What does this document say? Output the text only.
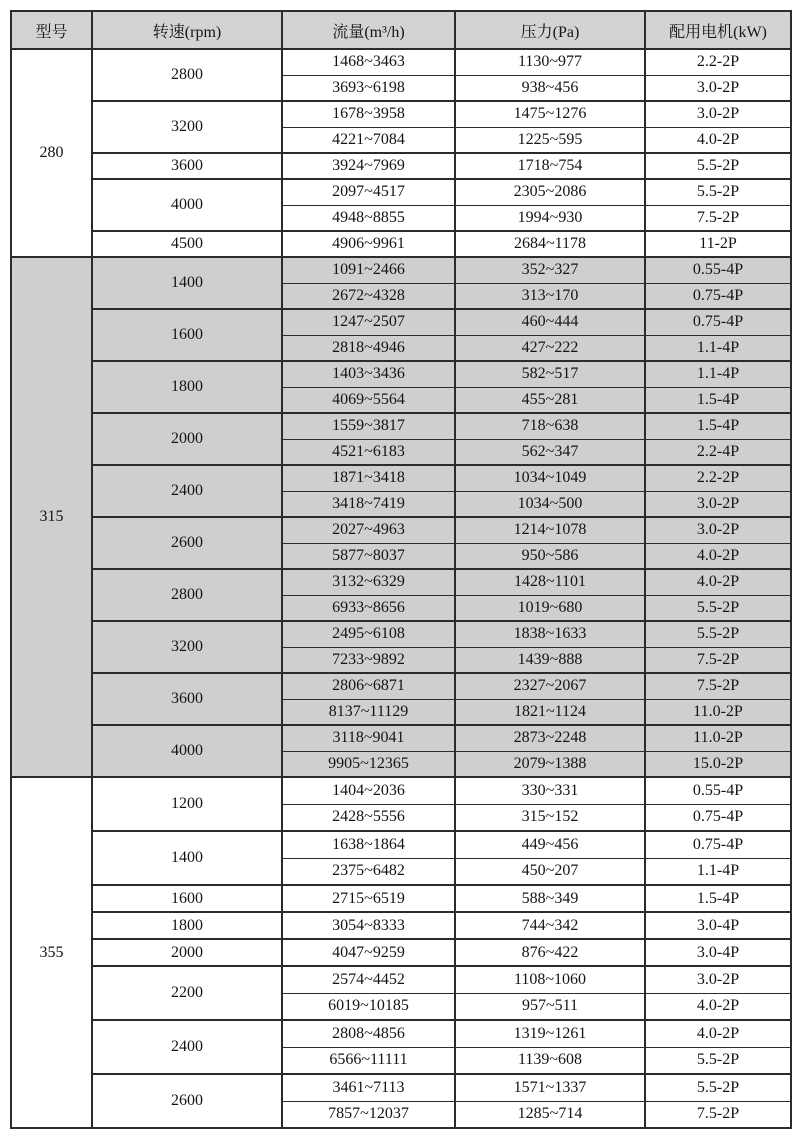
型号	转速(rpm)	流量(m³/h)	压力(Pa)	配用电机(kW)
280	2800	1468~3463	1130~977	2.2-2P
		3693~6198	938~456	3.0-2P
	3200	1678~3958	1475~1276	3.0-2P
		4221~7084	1225~595	4.0-2P
	3600	3924~7969	1718~754	5.5-2P
	4000	2097~4517	2305~2086	5.5-2P
		4948~8855	1994~930	7.5-2P
	4500	4906~9961	2684~1178	11-2P
315	1400	1091~2466	352~327	0.55-4P
		2672~4328	313~170	0.75-4P
	1600	1247~2507	460~444	0.75-4P
		2818~4946	427~222	1.1-4P
	1800	1403~3436	582~517	1.1-4P
		4069~5564	455~281	1.5-4P
	2000	1559~3817	718~638	1.5-4P
		4521~6183	562~347	2.2-4P
	2400	1871~3418	1034~1049	2.2-2P
		3418~7419	1034~500	3.0-2P
	2600	2027~4963	1214~1078	3.0-2P
		5877~8037	950~586	4.0-2P
	2800	3132~6329	1428~1101	4.0-2P
		6933~8656	1019~680	5.5-2P
	3200	2495~6108	1838~1633	5.5-2P
		7233~9892	1439~888	7.5-2P
	3600	2806~6871	2327~2067	7.5-2P
		8137~11129	1821~1124	11.0-2P
	4000	3118~9041	2873~2248	11.0-2P
		9905~12365	2079~1388	15.0-2P
355	1200	1404~2036	330~331	0.55-4P
		2428~5556	315~152	0.75-4P
	1400	1638~1864	449~456	0.75-4P
		2375~6482	450~207	1.1-4P
	1600	2715~6519	588~349	1.5-4P
	1800	3054~8333	744~342	3.0-4P
	2000	4047~9259	876~422	3.0-4P
	2200	2574~4452	1108~1060	3.0-2P
		6019~10185	957~511	4.0-2P
	2400	2808~4856	1319~1261	4.0-2P
		6566~11111	1139~608	5.5-2P
	2600	3461~7113	1571~1337	5.5-2P
		7857~12037	1285~714	7.5-2P
